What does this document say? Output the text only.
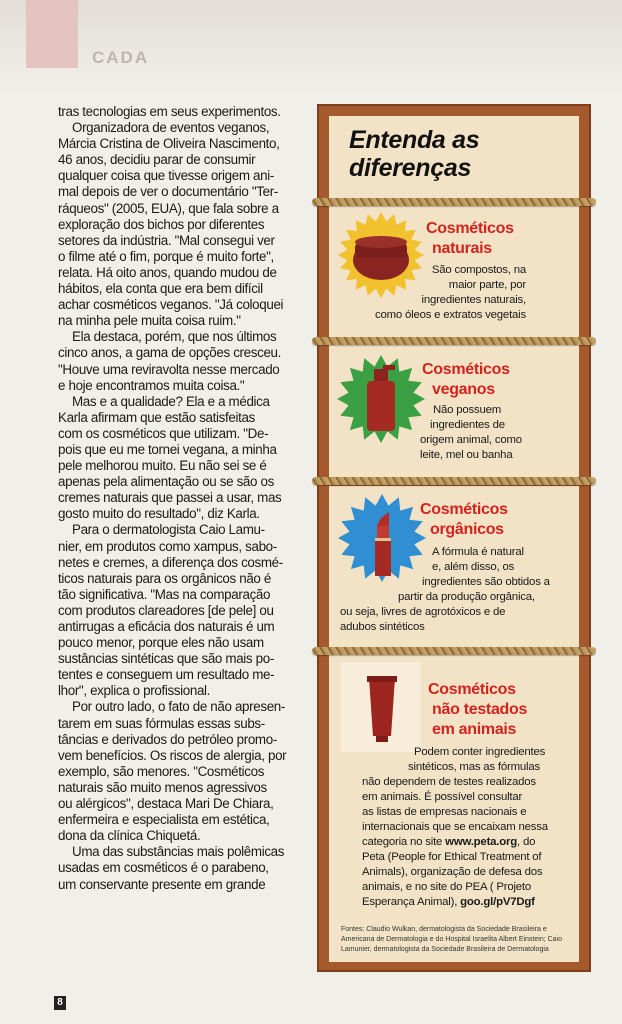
CADA
tras tecnologias em seus experimentos.
Organizadora de eventos veganos,
Márcia Cristina de Oliveira Nascimento,
46 anos, decidiu parar de consumir
qualquer coisa que tivesse origem ani-
mal depois de ver o documentário "Ter-
ráqueos" (2005, EUA), que fala sobre a
exploração dos bichos por diferentes
setores da indústria. "Mal consegui ver
o filme até o fim, porque é muito forte",
relata. Há oito anos, quando mudou de
hábitos, ela conta que era bem difícil
achar cosméticos veganos. "Já coloquei
na minha pele muita coisa ruim."
Ela destaca, porém, que nos últimos
cinco anos, a gama de opções cresceu.
"Houve uma reviravolta nesse mercado
e hoje encontramos muita coisa."
Mas e a qualidade? Ela e a médica
Karla afirmam que estão satisfeitas
com os cosméticos que utilizam. "De-
pois que eu me tornei vegana, a minha
pele melhorou muito. Eu não sei se é
apenas pela alimentação ou se são os
cremes naturais que passei a usar, mas
gosto muito do resultado", diz Karla.
Para o dermatologista Caio Lamu-
nier, em produtos como xampus, sabo-
netes e cremes, a diferença dos cosmé-
ticos naturais para os orgânicos não é
tão significativa. "Mas na comparação
com produtos clareadores [de pele] ou
antirrugas a eficácia dos naturais é um
pouco menor, porque eles não usam
sustâncias sintéticas que são mais po-
tentes e conseguem um resultado me-
lhor", explica o profissional.
Por outro lado, o fato de não apresen-
tarem em suas fórmulas essas subs-
tâncias e derivados do petróleo promo-
vem benefícios. Os riscos de alergia, por
exemplo, são menores. "Cosméticos
naturais são muito menos agressivos
ou alérgicos", destaca Mari De Chiara,
enfermeira e especialista em estética,
dona da clínica Chiquetá.
Uma das substâncias mais polêmicas
usadas em cosméticos é o parabeno,
um conservante presente em grande
8
Entenda as
diferenças
Cosméticos
naturais
São compostos, na
maior parte, por
ingredientes naturais,
como óleos e extratos vegetais
Cosméticos
veganos
Não possuem
ingredientes de
origem animal, como
leite, mel ou banha
Cosméticos
orgânicos
A fórmula é natural
e, além disso, os
ingredientes são obtidos a
partir da produção orgânica,
ou seja, livres de agrotóxicos e de
adubos sintéticos
Cosméticos
não testados
em animais
Podem conter ingredientes
sintéticos, mas as fórmulas
não dependem de testes realizados
em animais. É possível consultar
as listas de empresas nacionais e
internacionais que se encaixam nessa
categoria no site www.peta.org, do
Peta (People for Ethical Treatment of
Animals), organização de defesa dos
animais, e no site do PEA ( Projeto
Esperança Animal), goo.gl/pV7Dgf
Fontes: Claudio Wulkan, dermatologista da Sociedade Brasileira e
Americana de Dermatologia e do Hospital Israelita Albert Einstein; Caio
Lamunier, dermatologista da Sociedade Brasileira de Dermatologia
